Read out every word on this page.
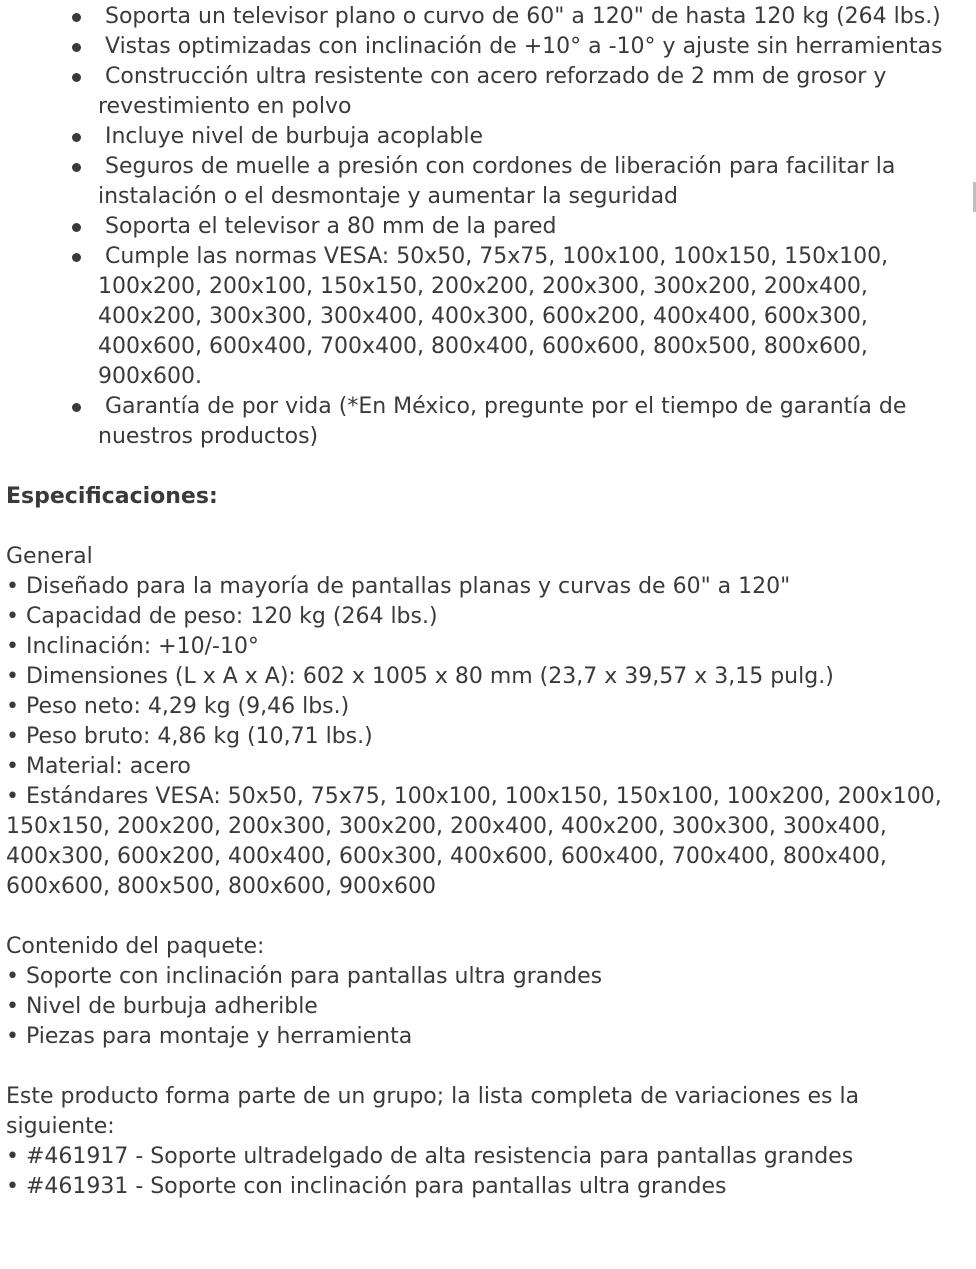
Soporta un televisor plano o curvo de 60" a 120" de hasta 120 kg (264 lbs.)
Vistas optimizadas con inclinación de +10° a -10° y ajuste sin herramientas
Construcción ultra resistente con acero reforzado de 2 mm de grosor y revestimiento en polvo
Incluye nivel de burbuja acoplable
Seguros de muelle a presión con cordones de liberación para facilitar la instalación o el desmontaje y aumentar la seguridad
Soporta el televisor a 80 mm de la pared
Cumple las normas VESA: 50x50, 75x75, 100x100, 100x150, 150x100, 100x200, 200x100, 150x150, 200x200, 200x300, 300x200, 200x400, 400x200, 300x300, 300x400, 400x300, 600x200, 400x400, 600x300, 400x600, 600x400, 700x400, 800x400, 600x600, 800x500, 800x600, 900x600.
Garantía de por vida (*En México, pregunte por el tiempo de garantía de nuestros productos)

Especificaciones:

General

• Diseñado para la mayoría de pantallas planas y curvas de 60" a 120"

• Capacidad de peso: 120 kg (264 lbs.)

• Inclinación: +10/-10°

• Dimensiones (L x A x A): 602 x 1005 x 80 mm (23,7 x 39,57 x 3,15 pulg.)

• Peso neto: 4,29 kg (9,46 lbs.)

• Peso bruto: 4,86 kg (10,71 lbs.)

• Material: acero

• Estándares VESA: 50x50, 75x75, 100x100, 100x150, 150x100, 100x200, 200x100, 150x150, 200x200, 200x300, 300x200, 200x400, 400x200, 300x300, 300x400, 400x300, 600x200, 400x400, 600x300, 400x600, 600x400, 700x400, 800x400, 600x600, 800x500, 800x600, 900x600

Contenido del paquete:

• Soporte con inclinación para pantallas ultra grandes

• Nivel de burbuja adherible

• Piezas para montaje y herramienta

Este producto forma parte de un grupo; la lista completa de variaciones es la siguiente:

• #461917 - Soporte ultradelgado de alta resistencia para pantallas grandes

• #461931 - Soporte con inclinación para pantallas ultra grandes
